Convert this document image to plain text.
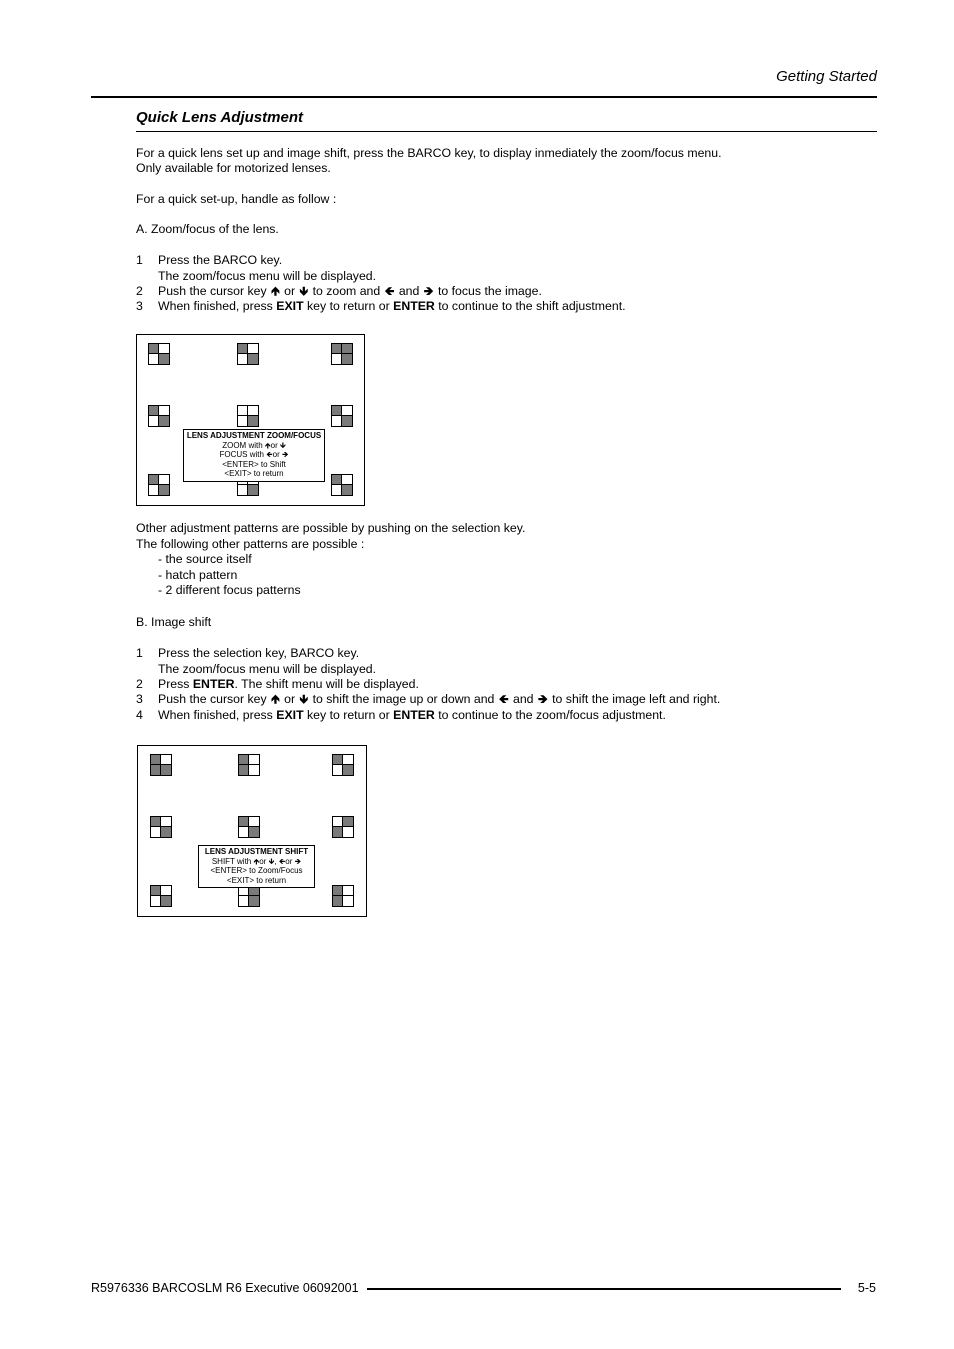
Getting Started
Quick Lens Adjustment
For a quick lens set up and image shift, press the BARCO key, to display inmediately the zoom/focus menu.
Only available for motorized lenses.
For a quick set-up, handle as follow :
A. Zoom/focus of the lens.
1 Press the BARCO key.
The zoom/focus menu will be displayed.
2 Push the cursor key 🡹 or 🡻 to zoom and 🡸 and 🡺 to focus the image.
3 When finished, press EXIT key to return or ENTER to continue to the shift adjustment.
LENS ADJUSTMENT ZOOM/FOCUS
ZOOM with 🡹or 🡻
FOCUS with 🡸or 🡺
<ENTER> to Shift
<EXIT> to return
Other adjustment patterns are possible by pushing on the selection key.
The following other patterns are possible :
- the source itself
- hatch pattern
- 2 different focus patterns
B. Image shift
1 Press the selection key, BARCO key.
The zoom/focus menu will be displayed.
2 Press ENTER. The shift menu will be displayed.
3 Push the cursor key 🡹 or 🡻 to shift the image up or down and 🡸 and 🡺 to shift the image left and right.
4 When finished, press EXIT key to return or ENTER to continue to the zoom/focus adjustment.
LENS ADJUSTMENT SHIFT
SHIFT with 🡹or 🡻, 🡸or 🡺
<ENTER> to Zoom/Focus
<EXIT> to return
R5976336 BARCOSLM R6 Executive 06092001	5-5
